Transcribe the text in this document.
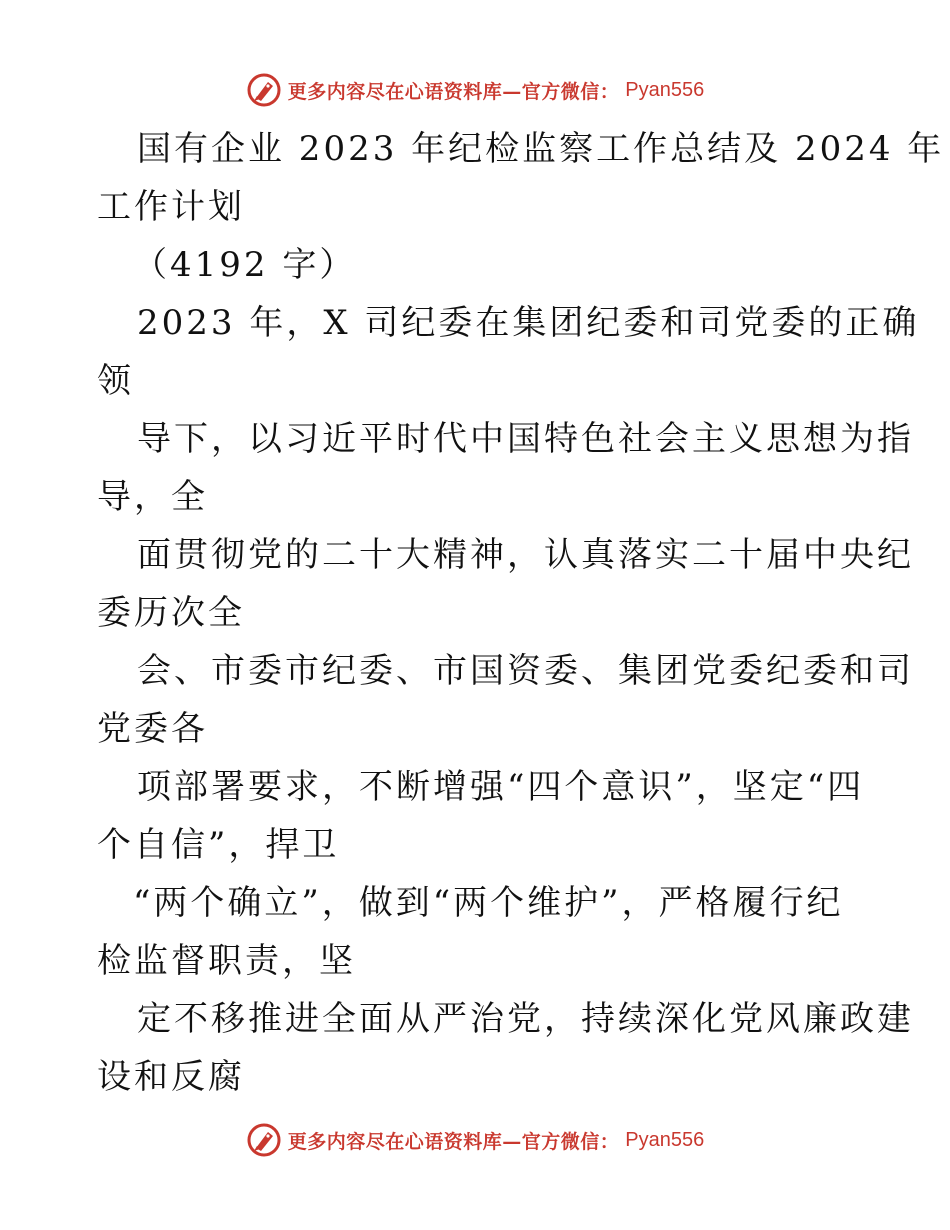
更多内容尽在心语资料库—官方微信： Pyan556
国有企业 2023 年纪检监察工作总结及 2024 年
工作计划
（4192 字）
2023 年，X 司纪委在集团纪委和司党委的正确
领
导下，以习近平时代中国特色社会主义思想为指
导，全
面贯彻党的二十大精神，认真落实二十届中央纪
委历次全
会、市委市纪委、市国资委、集团党委纪委和司
党委各
项部署要求，不断增强“四个意识”，坚定“四
个自信”，捍卫
“两个确立”，做到“两个维护”，严格履行纪
检监督职责，坚
定不移推进全面从严治党，持续深化党风廉政建
设和反腐
更多内容尽在心语资料库—官方微信： Pyan556
